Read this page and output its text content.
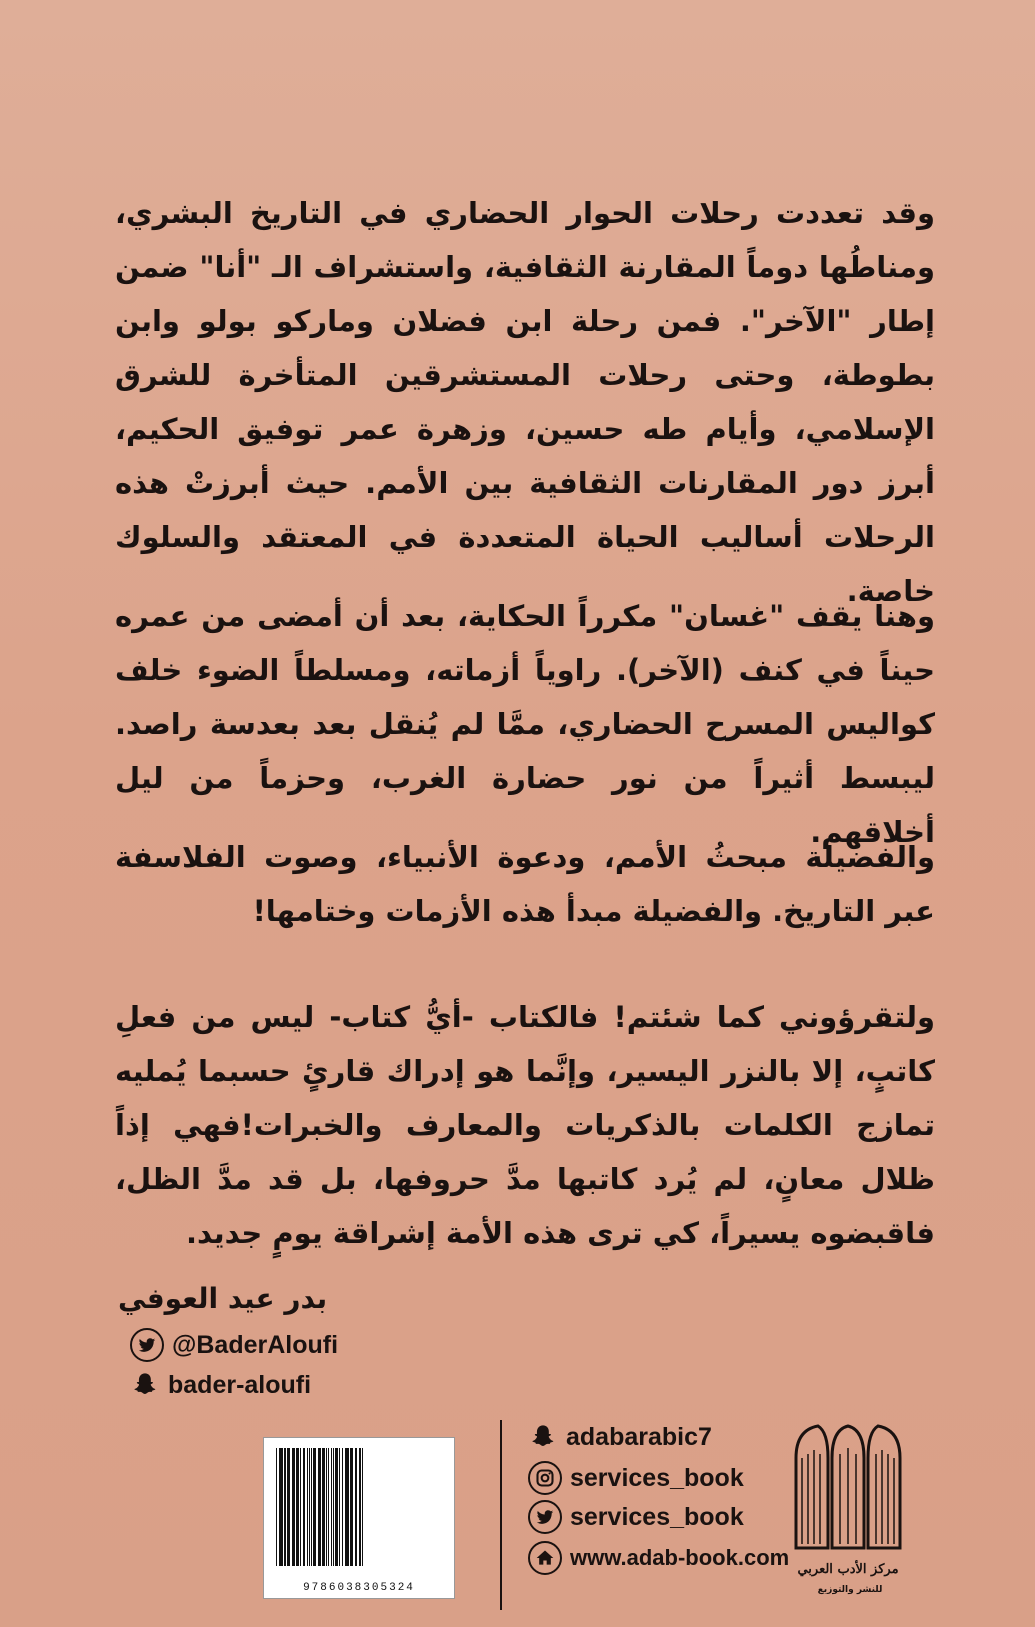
وقد تعددت رحلات الحوار الحضاري في التاريخ البشري، ومناطُها دوماً المقارنة الثقافية، واستشراف الـ "أنا" ضمن إطار "الآخر". فمن رحلة ابن فضلان وماركو بولو وابن بطوطة، وحتى رحلات المستشرقين المتأخرة للشرق الإسلامي، وأيام طه حسين، وزهرة عمر توفيق الحكيم، أبرز دور المقارنات الثقافية بين الأمم. حيث أبرزتْ هذه الرحلات أساليب الحياة المتعددة في المعتقد والسلوك خاصة.
وهنا يقف "غسان" مكرراً الحكاية، بعد أن أمضى من عمره حيناً في كنف (الآخر). راوياً أزماته، ومسلطاً الضوء خلف كواليس المسرح الحضاري، ممَّا لم يُنقل بعد بعدسة راصد. ليبسط أثيراً من نور حضارة الغرب، وحزماً من ليل أخلاقهم.
والفضيلة مبحثُ الأمم، ودعوة الأنبياء، وصوت الفلاسفة عبر التاريخ. والفضيلة مبدأ هذه الأزمات وختامها!
ولتقرؤوني كما شئتم! فالكتاب -أيُّ كتاب- ليس من فعلِ كاتبٍ، إلا بالنزر اليسير، وإنَّما هو إدراك قارئٍ حسبما يُمليه تمازج الكلمات بالذكريات والمعارف والخبرات!فهي إذاً ظلال معانٍ، لم يُرد كاتبها مدَّ حروفها، بل قد مدَّ الظل، فاقبضوه يسيراً، كي ترى هذه الأمة إشراقة يومٍ جديد.
بدر عيد العوفي
@BaderAloufi
bader-aloufi
9786038305324
adabarabic7
services_book
services_book
www.adab-book.com مركز الأدب العربي
للنشر والتوزيع
